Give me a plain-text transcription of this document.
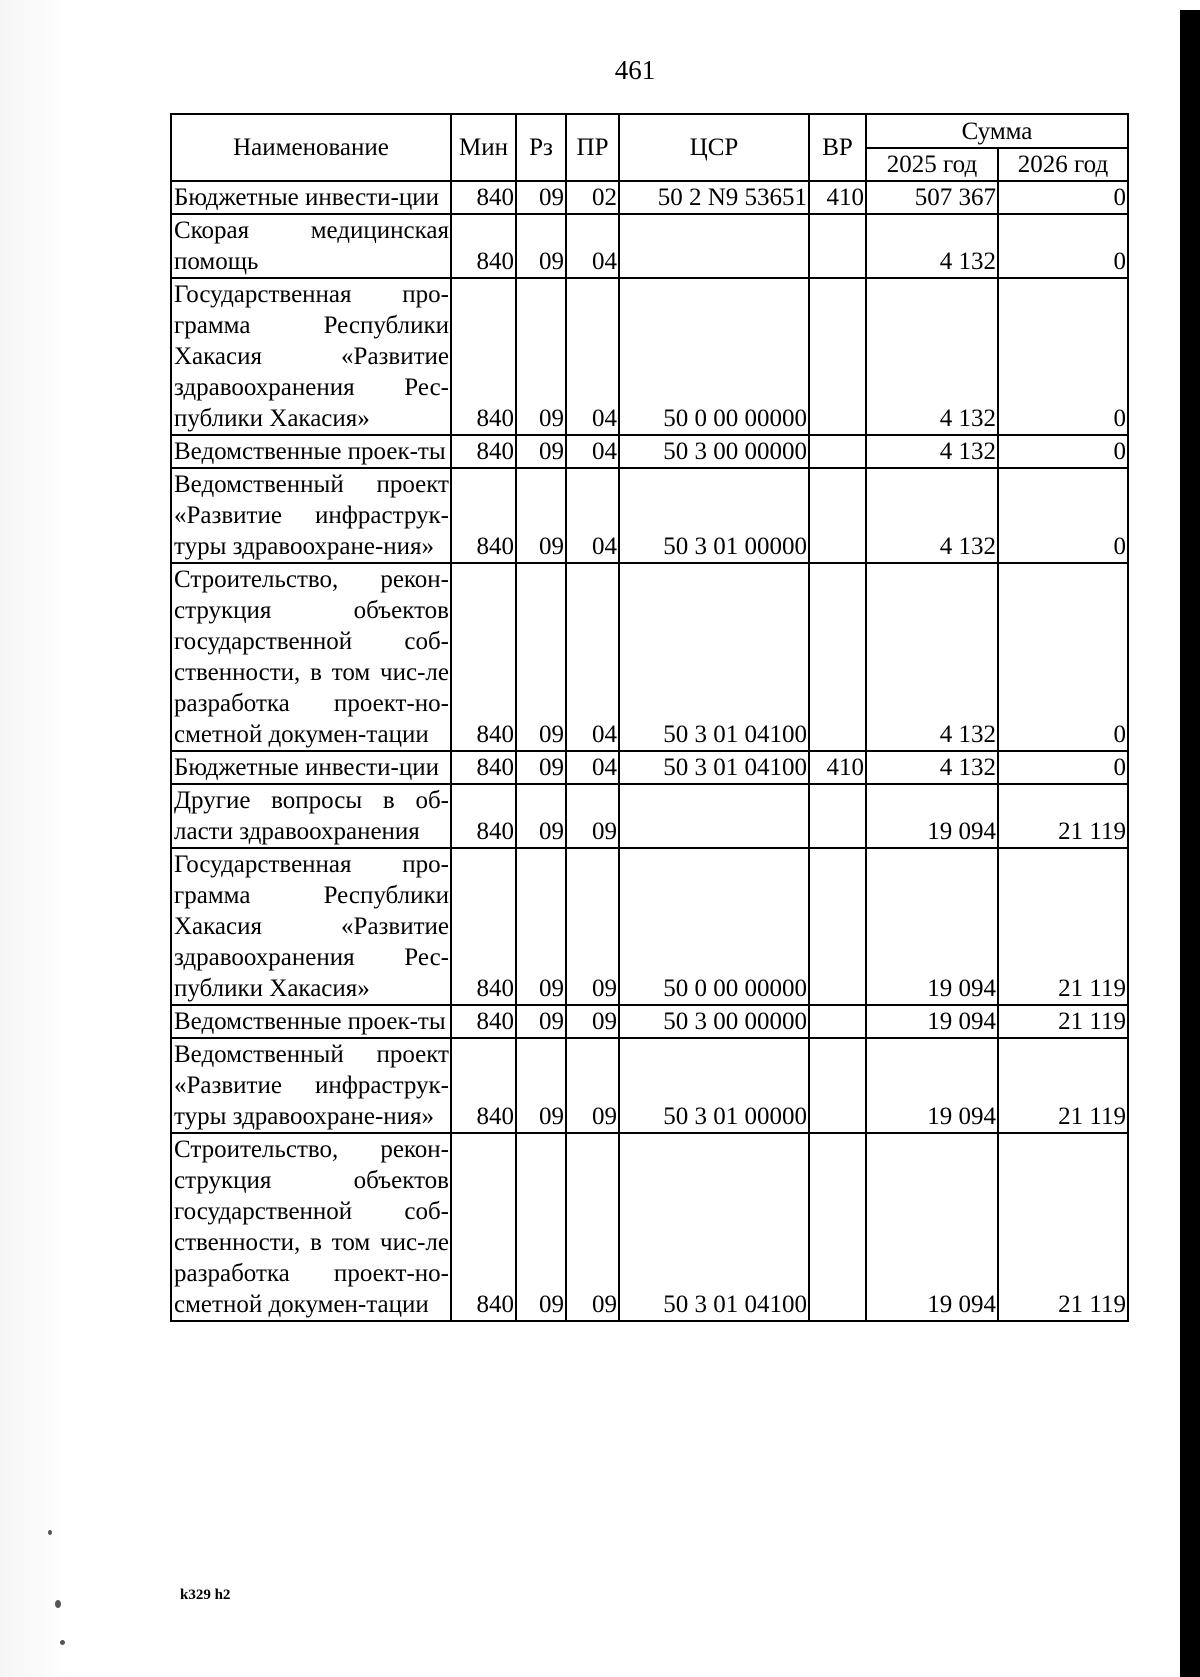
461
Наименование	Мин	Рз	ПР	ЦСР	ВР	Сумма	
						2025 год	2026 год
Бюджетные инвести-ции	840	09	02	50 2 N9 53651	410	507 367	0
Скорая медицинская помощь	840	09	04			4 132	0
Государственная про-грамма Республики Хакасия «Развитие здравоохранения Рес-публики Хакасия»	840	09	04	50 0 00 00000		4 132	0
Ведомственные проек-ты	840	09	04	50 3 00 00000		4 132	0
Ведомственный проект «Развитие инфраструк-туры здравоохране-ния»	840	09	04	50 3 01 00000		4 132	0
Строительство, рекон-струкция объектов государственной соб-ственности, в том чис-ле разработка проект-но-сметной докумен-тации	840	09	04	50 3 01 04100		4 132	0
Бюджетные инвести-ции	840	09	04	50 3 01 04100	410	4 132	0
Другие вопросы в об-ласти здравоохранения	840	09	09			19 094	21 119
Государственная про-грамма Республики Хакасия «Развитие здравоохранения Рес-публики Хакасия»	840	09	09	50 0 00 00000		19 094	21 119
Ведомственные проек-ты	840	09	09	50 3 00 00000		19 094	21 119
Ведомственный проект «Развитие инфраструк-туры здравоохране-ния»	840	09	09	50 3 01 00000		19 094	21 119
Строительство, рекон-струкция объектов государственной соб-ственности, в том чис-ле разработка проект-но-сметной докумен-тации	840	09	09	50 3 01 04100		19 094	21 119
k329 h2
